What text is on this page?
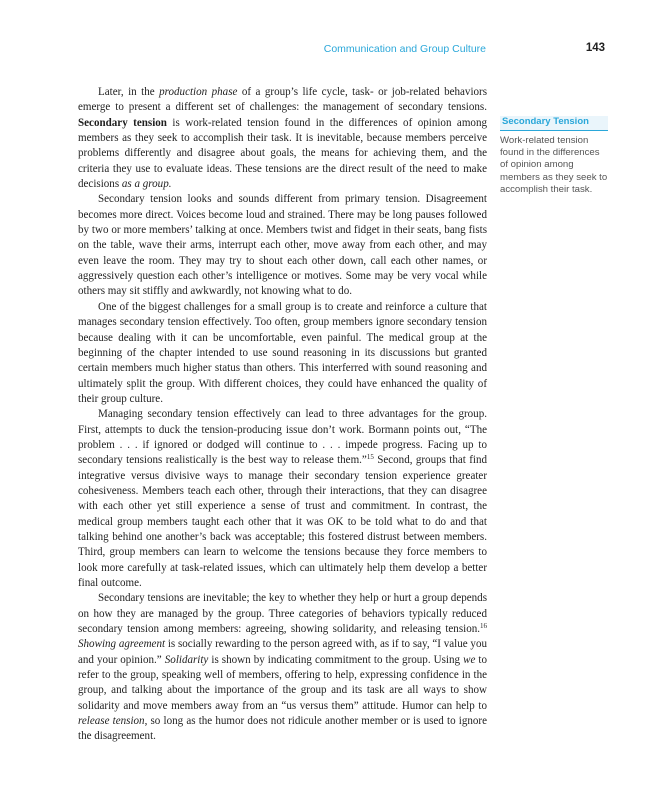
Communication and Group Culture	143

Later, in the production phase of a group’s life cycle, task- or job-related behaviors emerge to present a different set of challenges: the management of secondary tensions. Secondary tension is work-related tension found in the differences of opinion among members as they seek to accomplish their task. It is inevitable, because members perceive problems differently and disagree about goals, the means for achieving them, and the criteria they use to evaluate ideas. These tensions are the direct result of the need to make decisions as a group.

Secondary tension looks and sounds different from primary tension. Disagreement becomes more direct. Voices become loud and strained. There may be long pauses followed by two or more members’ talking at once. Members twist and fidget in their seats, bang fists on the table, wave their arms, interrupt each other, move away from each other, and may even leave the room. They may try to shout each other down, call each other names, or aggressively question each other’s intelligence or motives. Some may be very vocal while others may sit stiffly and awkwardly, not knowing what to do.

One of the biggest challenges for a small group is to create and reinforce a culture that manages secondary tension effectively. Too often, group members ignore secondary tension because dealing with it can be uncomfortable, even painful. The medical group at the beginning of the chapter intended to use sound reasoning in its discussions but granted certain members much higher status than others. This interferred with sound reasoning and ultimately split the group. With different choices, they could have enhanced the quality of their group culture.

Managing secondary tension effectively can lead to three advantages for the group. First, attempts to duck the tension-producing issue don’t work. Bormann points out, “The problem . . . if ignored or dodged will continue to . . . impede progress. Facing up to secondary tensions realistically is the best way to release them.”$^{15}$ Second, groups that find integrative versus divisive ways to manage their secondary tension experience greater cohesiveness. Members teach each other, through their interactions, that they can disagree with each other yet still experience a sense of trust and commitment. In contrast, the medical group members taught each other that it was OK to be told what to do and that talking behind one another’s back was acceptable; this fostered distrust between members. Third, group members can learn to welcome the tensions because they force members to look more carefully at task-related issues, which can ultimately help them develop a better final outcome.

Secondary tensions are inevitable; the key to whether they help or hurt a group depends on how they are managed by the group. Three categories of behaviors typically reduced secondary tension among members: agreeing, showing solidarity, and releasing tension.$^{16}$ Showing agreement is socially rewarding to the person agreed with, as if to say, “I value you and your opinion.” Solidarity is shown by indicating commitment to the group. Using we to refer to the group, speaking well of members, offering to help, expressing confidence in the group, and talking about the importance of the group and its task are all ways to show solidarity and move members away from an “us versus them” attitude. Humor can help to release tension, so long as the humor does not ridicule another member or is used to ignore the disagreement.

Secondary Tension
Work-related tension found in the differences of opinion among members as they seek to accomplish their task.
